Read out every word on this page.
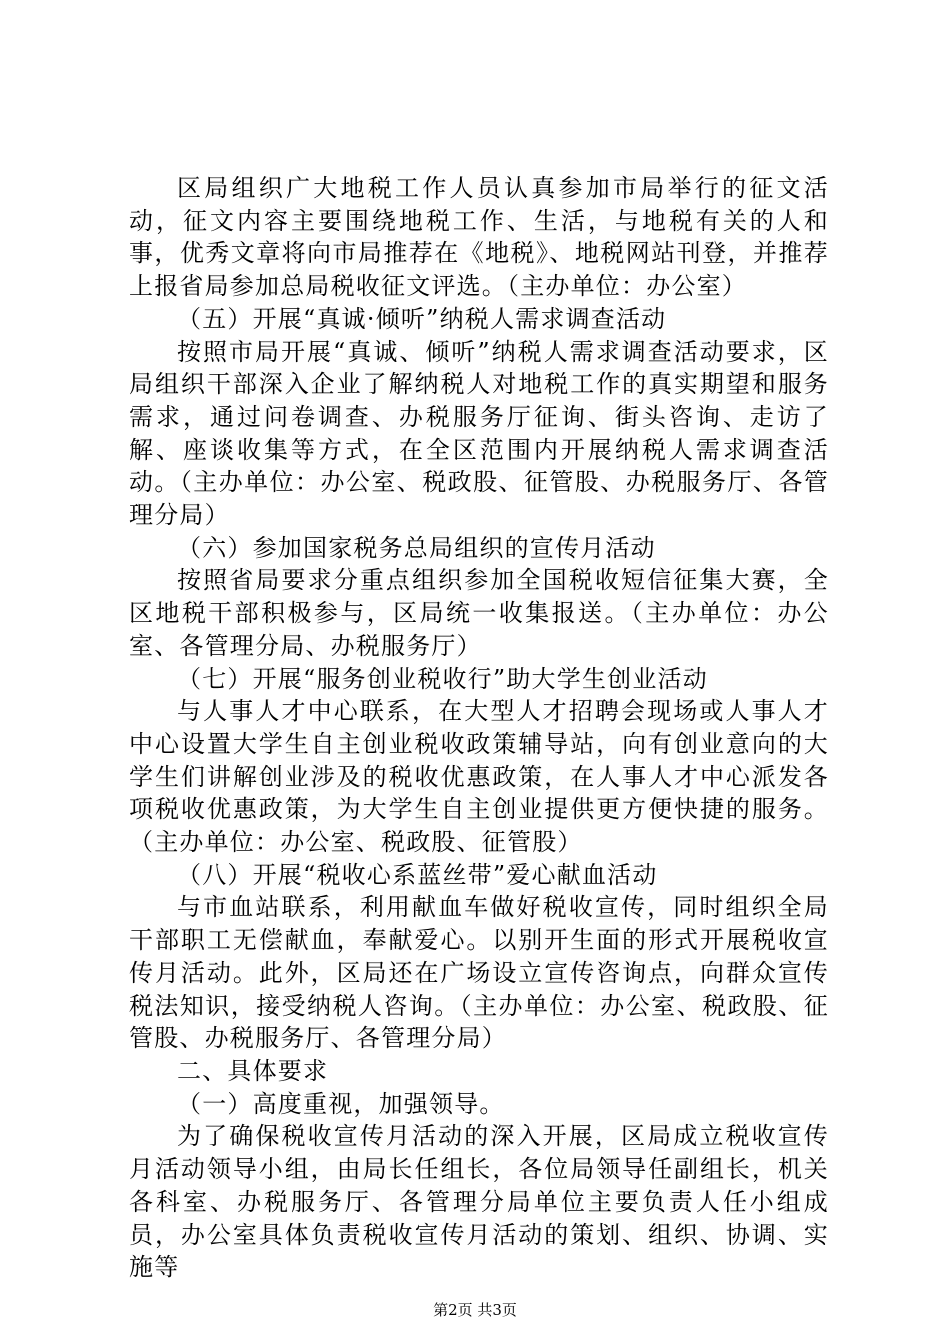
区局组织广大地税工作人员认真参加市局举行的征文活动，征文内容主要围绕地税工作、生活，与地税有关的人和事，优秀文章将向市局推荐在《地税》、地税网站刊登，并推荐上报省局参加总局税收征文评选。（主办单位：办公室）

（五）开展“真诚·倾听”纳税人需求调查活动

按照市局开展“真诚、倾听”纳税人需求调查活动要求，区局组织干部深入企业了解纳税人对地税工作的真实期望和服务需求，通过问卷调查、办税服务厅征询、街头咨询、走访了解、座谈收集等方式，在全区范围内开展纳税人需求调查活动。（主办单位：办公室、税政股、征管股、办税服务厅、各管理分局）

（六）参加国家税务总局组织的宣传月活动

按照省局要求分重点组织参加全国税收短信征集大赛，全区地税干部积极参与，区局统一收集报送。（主办单位：办公室、各管理分局、办税服务厅）

（七）开展“服务创业税收行”助大学生创业活动

与人事人才中心联系，在大型人才招聘会现场或人事人才中心设置大学生自主创业税收政策辅导站，向有创业意向的大学生们讲解创业涉及的税收优惠政策，在人事人才中心派发各项税收优惠政策，为大学生自主创业提供更方便快捷的服务。（主办单位：办公室、税政股、征管股）

（八）开展“税收心系蓝丝带”爱心献血活动

与市血站联系，利用献血车做好税收宣传，同时组织全局干部职工无偿献血，奉献爱心。以别开生面的形式开展税收宣传月活动。此外，区局还在广场设立宣传咨询点，向群众宣传税法知识，接受纳税人咨询。（主办单位：办公室、税政股、征管股、办税服务厅、各管理分局）

二、具体要求

（一）高度重视，加强领导。

为了确保税收宣传月活动的深入开展，区局成立税收宣传月活动领导小组，由局长任组长，各位局领导任副组长，机关各科室、办税服务厅、各管理分局单位主要负责人任小组成员，办公室具体负责税收宣传月活动的策划、组织、协调、实施等

第2页 共3页
